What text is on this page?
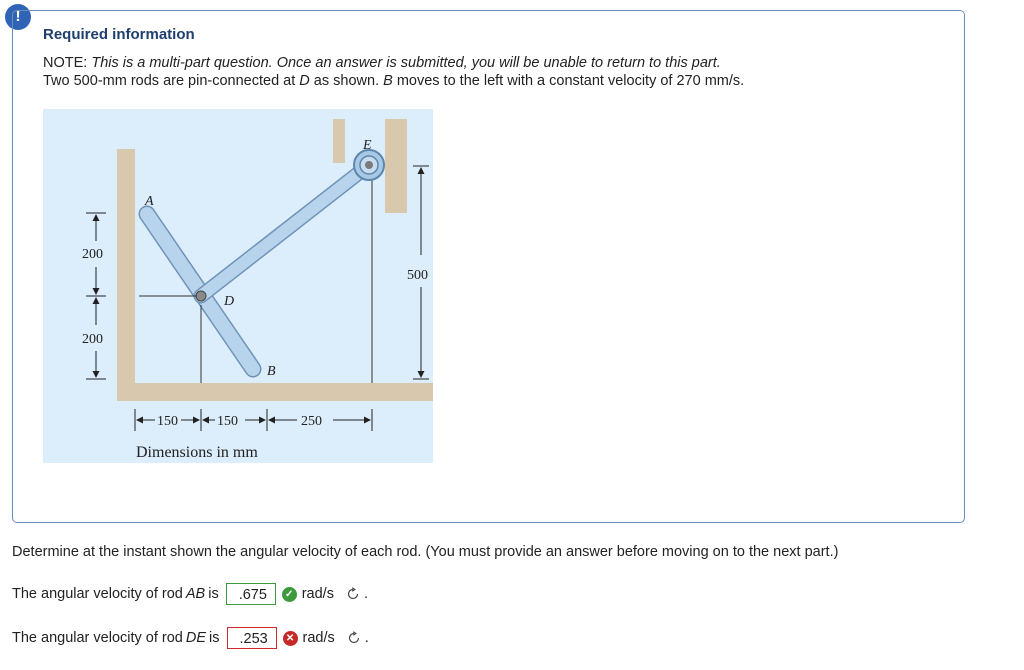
!
Required information
NOTE: This is a multi-part question. Once an answer is submitted, you will be unable to return to this part.
Two 500-mm rods are pin-connected at D as shown. B moves to the left with a constant velocity of 270 mm/s.
A
D
B
E
200
200
500
150	150	250
Dimensions in mm
Determine at the instant shown the angular velocity of each rod. (You must provide an answer before moving on to the next part.)
The angular velocity of rod AB is	.675	✓ rad/s .
The angular velocity of rod DE is	.253	✕ rad/s .
